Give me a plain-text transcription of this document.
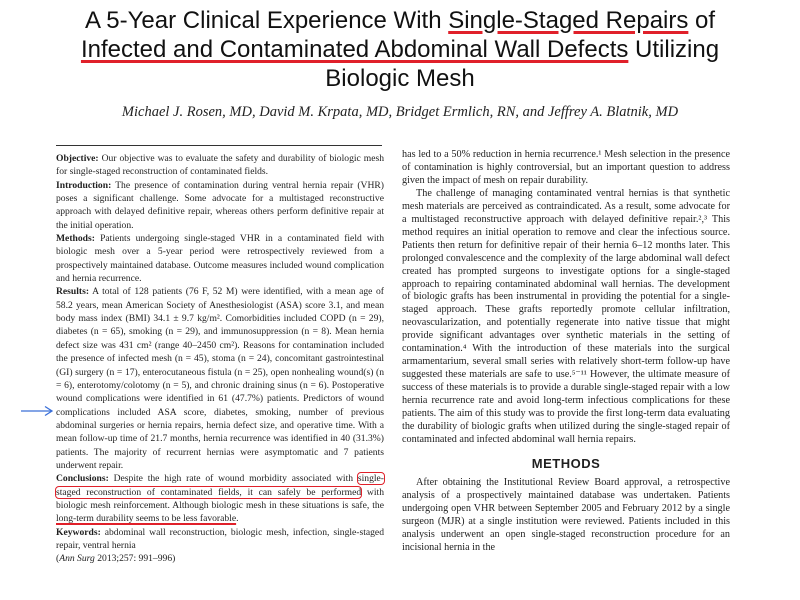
A 5-Year Clinical Experience With Single-Staged Repairs of
Infected and Contaminated Abdominal Wall Defects Utilizing
Biologic Mesh
Michael J. Rosen, MD, David M. Krpata, MD, Bridget Ermlich, RN, and Jeffrey A. Blatnik, MD

Objective: Our objective was to evaluate the safety and durability of biologic mesh for single-staged reconstruction of contaminated fields.

Introduction: The presence of contamination during ventral hernia repair (VHR) poses a significant challenge. Some advocate for a multistaged reconstructive approach with delayed definitive repair, whereas others perform definitive repair at the initial operation.

Methods: Patients undergoing single-staged VHR in a contaminated field with biologic mesh over a 5-year period were retrospectively reviewed from a prospectively maintained database. Outcome measures included wound complication and hernia recurrence.

Results: A total of 128 patients (76 F, 52 M) were identified, with a mean age of 58.2 years, mean American Society of Anesthesiologist (ASA) score 3.1, and mean body mass index (BMI) 34.1 ± 9.7 kg/m². Comorbidities included COPD (n = 29), diabetes (n = 65), smoking (n = 29), and immunosuppression (n = 8). Mean hernia defect size was 431 cm² (range 40–2450 cm²). Reasons for contamination included the presence of infected mesh (n = 45), stoma (n = 24), concomitant gastrointestinal (GI) surgery (n = 17), enterocutaneous fistula (n = 25), open nonhealing wound(s) (n = 6), enterotomy/colotomy (n = 5), and chronic draining sinus (n = 6). Postoperative wound complications were identified in 61 (47.7%) patients. Predictors of wound complications included ASA score, diabetes, smoking, number of previous abdominal surgeries or hernia repairs, hernia defect size, and operative time. With a mean follow-up time of 21.7 months, hernia recurrence was identified in 40 (31.3%) patients. The majority of recurrent hernias were asymptomatic and 7 patients underwent repair.

Conclusions: Despite the high rate of wound morbidity associated with single-staged reconstruction of contaminated fields, it can safely be performed with biologic mesh reinforcement. Although biologic mesh in these situations is safe, the long-term durability seems to be less favorable.

Keywords: abdominal wall reconstruction, biologic mesh, infection, single-staged repair, ventral hernia

(Ann Surg 2013;257: 991–996)

has led to a 50% reduction in hernia recurrence.¹ Mesh selection in the presence of contamination is highly controversial, but an important question to address given the impact of mesh on repair durability.

The challenge of managing contaminated ventral hernias is that synthetic mesh materials are perceived as contraindicated. As a result, some advocate for a multistaged reconstructive approach with delayed definitive repair.²,³ This method requires an initial operation to remove and clear the infectious source. Patients then return for definitive repair of their hernia 6–12 months later. This prolonged convalescence and the complexity of the large abdominal wall defect created has prompted surgeons to investigate options for a single-staged approach to repairing contaminated abdominal wall hernias. The development of biologic grafts has been instrumental in providing the potential for a single-staged approach. These grafts reportedly promote cellular infiltration, neovascularization, and potentially regenerate into native tissue that might provide significant advantages over synthetic materials in the setting of contamination.⁴ With the introduction of these materials into the surgical armamentarium, several small series with relatively short-term follow-up have suggested these materials are safe to use.⁵⁻¹¹ However, the ultimate measure of success of these materials is to provide a durable single-staged repair with a low hernia recurrence rate and avoid long-term infectious complications for these patients. The aim of this study was to provide the first long-term data evaluating the durability of biologic grafts when utilized during the single-staged repair of contaminated and infected abdominal wall hernia repairs.

METHODS

After obtaining the Institutional Review Board approval, a retrospective analysis of a prospectively maintained database was undertaken. Patients undergoing open VHR between September 2005 and February 2012 by a single surgeon (MJR) at a single institution were reviewed. Patients included in this analysis underwent an open single-staged reconstruction procedure for an incisional hernia in the
